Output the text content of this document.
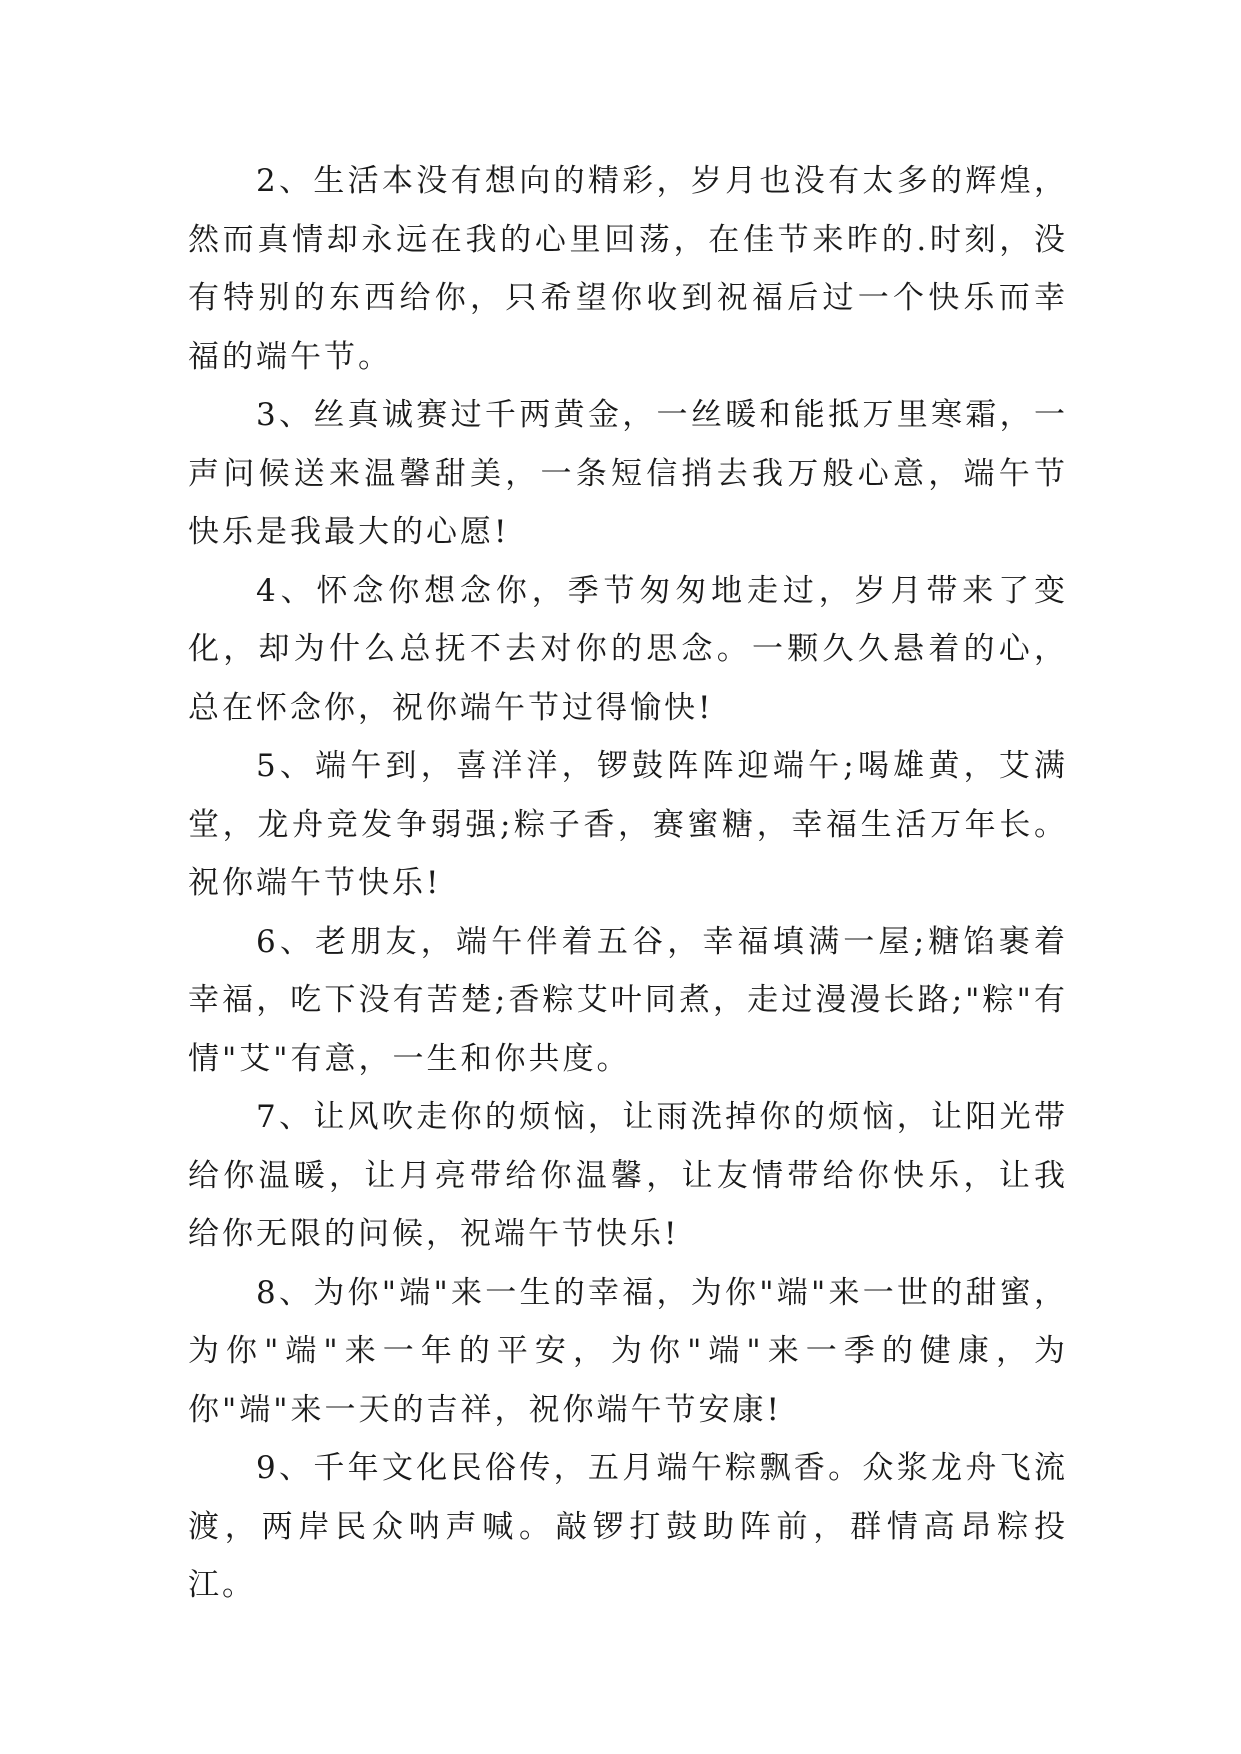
2、生活本没有想向的精彩，岁月也没有太多的辉煌，然而真情却永远在我的心里回荡，在佳节来昨的.时刻，没有特别的东西给你，只希望你收到祝福后过一个快乐而幸福的端午节。

3、丝真诚赛过千两黄金，一丝暖和能抵万里寒霜，一声问候送来温馨甜美，一条短信捎去我万般心意，端午节快乐是我最大的心愿!

4、怀念你想念你，季节匆匆地走过，岁月带来了变化，却为什么总抚不去对你的思念。一颗久久悬着的心，总在怀念你，祝你端午节过得愉快!

5、端午到，喜洋洋，锣鼓阵阵迎端午;喝雄黄，艾满堂，龙舟竞发争弱强;粽子香，赛蜜糖，幸福生活万年长。祝你端午节快乐!

6、老朋友，端午伴着五谷，幸福填满一屋;糖馅裹着幸福，吃下没有苦楚;香粽艾叶同煮，走过漫漫长路;"粽"有情"艾"有意，一生和你共度。

7、让风吹走你的烦恼，让雨洗掉你的烦恼，让阳光带给你温暖，让月亮带给你温馨，让友情带给你快乐，让我给你无限的问候，祝端午节快乐!

8、为你"端"来一生的幸福，为你"端"来一世的甜蜜，为你"端"来一年的平安，为你"端"来一季的健康，为你"端"来一天的吉祥，祝你端午节安康!

9、千年文化民俗传，五月端午粽飘香。众浆龙舟飞流渡，两岸民众呐声喊。敲锣打鼓助阵前，群情高昂粽投江。
